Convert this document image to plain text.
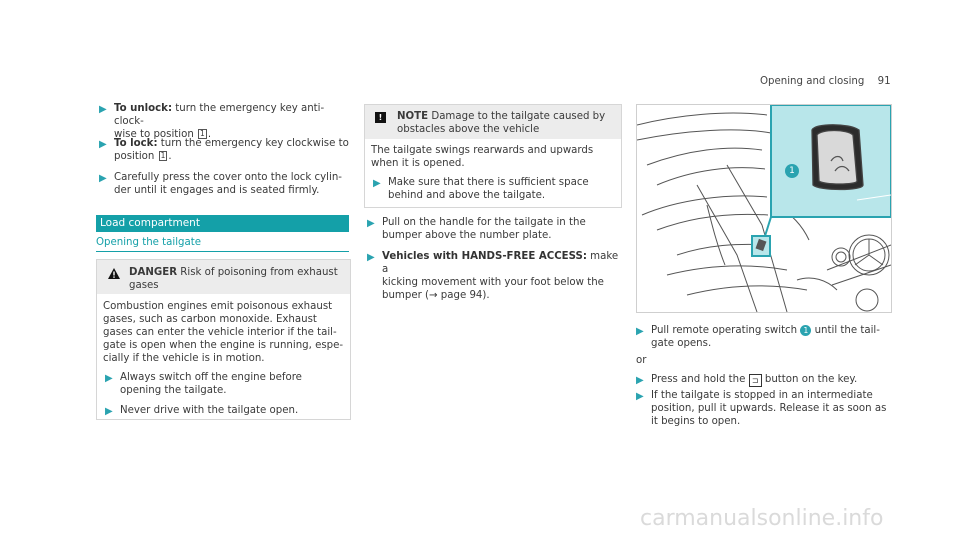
Opening and closing 91
▶ To unlock: turn the emergency key anti-clock-
wise to position 1 .
▶ To lock: turn the emergency key clockwise to
position 1 .
▶ Carefully press the cover onto the lock cylin-
der until it engages and is seated firmly.
Load compartment
Opening the tailgate
DANGER Risk of poisoning from exhaust
gases
Combustion engines emit poisonous exhaust
gases, such as carbon monoxide. Exhaust
gases can enter the vehicle interior if the tail-
gate is open when the engine is running, espe-
cially if the vehicle is in motion.
▶ Always switch off the engine before
opening the tailgate.
▶ Never drive with the tailgate open.
!	NOTE Damage to the tailgate caused by
obstacles above the vehicle
The tailgate swings rearwards and upwards
when it is opened.
▶ Make sure that there is sufficient space
behind and above the tailgate.
▶ Pull on the handle for the tailgate in the
bumper above the number plate.
▶ Vehicles with HANDS-FREE ACCESS: make a
kicking movement with your foot below the
bumper (→ page 94).
1
▶ Pull remote operating switch 1 until the tail-
gate opens.
or
▶ Press and hold the ⊐ button on the key.
▶ If the tailgate is stopped in an intermediate
position, pull it upwards. Release it as soon as
it begins to open.
carmanualsonline.info
